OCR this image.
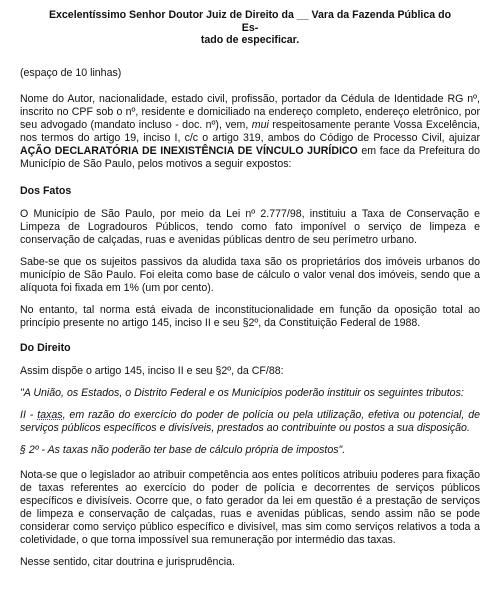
Excelentíssimo Senhor Doutor Juiz de Direito da __ Vara da Fazenda Pública do Es-
tado de especificar.

(espaço de 10 linhas)

Nome do Autor, nacionalidade, estado civil, profissão, portador da Cédula de Identidade RG nº, inscrito no CPF sob o nº, residente e domiciliado na endereço completo, endereço eletrônico, por seu advogado (mandato incluso - doc. nº), vem, mui respeitosamente perante Vossa Excelência, nos termos do artigo 19, inciso I, c/c o artigo 319, ambos do Código de Processo Civil, ajuizar AÇÃO DECLARATÓRIA DE INEXISTÊNCIA DE VÍNCULO JURÍDICO em face da Prefeitura do Município de São Paulo, pelos motivos a seguir expostos:

Dos Fatos

O Município de São Paulo, por meio da Lei nº 2.777/98, instituiu a Taxa de Conservação e Limpeza de Logradouros Públicos, tendo como fato imponível o serviço de limpeza e conservação de calçadas, ruas e avenidas públicas dentro de seu perímetro urbano.

Sabe-se que os sujeitos passivos da aludida taxa são os proprietários dos imóveis urbanos do município de São Paulo. Foi eleita como base de cálculo o valor venal dos imóveis, sendo que a alíquota foi fixada em 1% (um por cento).

No entanto, tal norma está eivada de inconstitucionalidade em função da oposição total ao princípio presente no artigo 145, inciso II e seu §2º, da Constituição Federal de 1988.

Do Direito

Assim dispõe o artigo 145, inciso II e seu §2º, da CF/88:

"A União, os Estados, o Distrito Federal e os Municípios poderão instituir os seguintes tributos:

II - taxas, em razão do exercício do poder de polícia ou pela utilização, efetiva ou potencial, de serviços públicos específicos e divisíveis, prestados ao contribuinte ou postos a sua disposição.

§ 2º - As taxas não poderão ter base de cálculo própria de impostos".

Nota-se que o legislador ao atribuir competência aos entes políticos atribuiu poderes para fixação de taxas referentes ao exercício do poder de polícia e decorrentes de serviços públicos específicos e divisíveis. Ocorre que, o fato gerador da lei em questão é a prestação de serviços de limpeza e conservação de calçadas, ruas e avenidas públicas, sendo assim não se pode considerar como serviço público específico e divisível, mas sim como serviços relativos a toda a coletividade, o que torna impossível sua remuneração por intermédio das taxas.

Nesse sentido, citar doutrina e jurisprudência.
